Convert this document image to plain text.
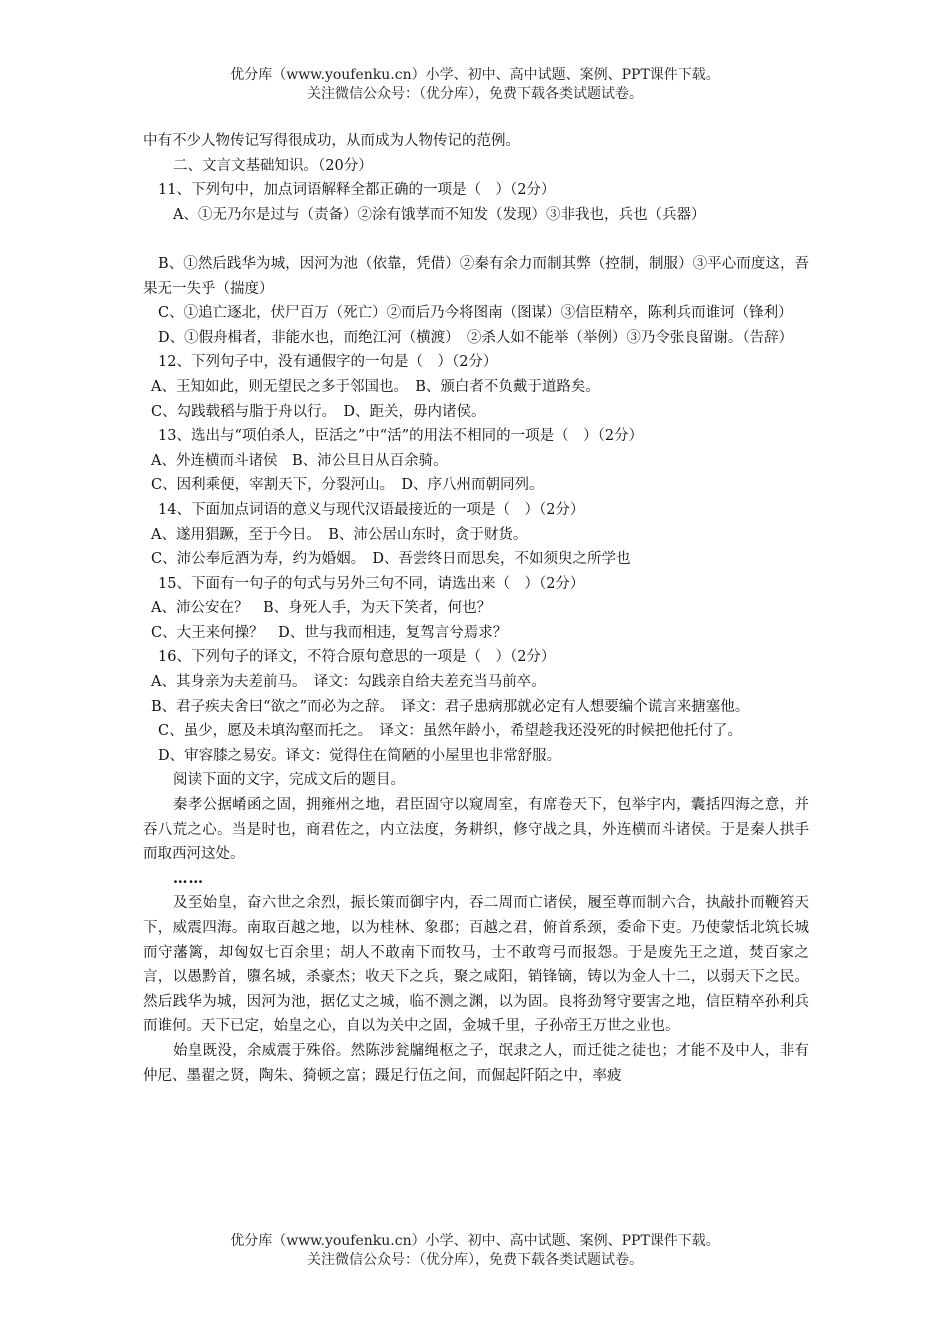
优分库（www.youfenku.cn）小学、初中、高中试题、案例、PPT课件下载。
关注微信公众号：（优分库），免费下载各类试题试卷。

中有不少人物传记写得很成功，从而成为人物传记的范例。

二、文言文基础知识。（20分）

11、下列句中，加点词语解释全都正确的一项是（　）（2分）

A、①无乃尔是过与（责备）②涂有饿莩而不知发（发现）③非我也，兵也（兵器）

B、①然后践华为城，因河为池（依靠，凭借）②秦有余力而制其弊（控制，制服）③平心而度这，吾果无一失乎（揣度）

C、①追亡逐北，伏尸百万（死亡）②而后乃今将图南（图谋）③信臣精卒，陈利兵而谁诃（锋利）

D、①假舟楫者，非能水也，而绝江河（横渡）　②杀人如不能举（举例）③乃令张良留谢。（告辞）

12、下列句子中，没有通假字的一句是（　）（2分）

A、王知如此，则无望民之多于邻国也。　B、颁白者不负戴于道路矣。

C、勾践载稻与脂于舟以行。　D、距关，毋内诸侯。

13、选出与“项伯杀人，臣活之”中“活”的用法不相同的一项是（　）（2分）

A、外连横而斗诸侯　B、沛公旦日从百余骑。

C、因利乘便，宰割天下，分裂河山。　D、序八州而朝同列。

14、下面加点词语的意义与现代汉语最接近的一项是（　）（2分）

A、遂用猖蹶，至于今日。　B、沛公居山东时，贪于财货。

C、沛公奉卮酒为寿，约为婚姻。　D、吾尝终日而思矣，不如须臾之所学也

15、下面有一句子的句式与另外三句不同，请选出来（　）（2分）

A、沛公安在？　B、身死人手，为天下笑者，何也？

C、大王来何操？　D、世与我而相违，复驾言兮焉求？

16、下列句子的译文，不符合原句意思的一项是（　）（2分）

A、其身亲为夫差前马。　译文：勾践亲自给夫差充当马前卒。

B、君子疾夫舍曰“欲之”而必为之辞。　译文：君子患病那就必定有人想要编个谎言来搪塞他。

C、虽少，愿及未填沟壑而托之。　译文：虽然年龄小，希望趁我还没死的时候把他托付了。

D、审容膝之易安。译文：觉得住在简陋的小屋里也非常舒服。

阅读下面的文字，完成文后的题目。

秦孝公据崤函之固，拥雍州之地，君臣固守以窥周室，有席卷天下，包举宇内，囊括四海之意，并吞八荒之心。当是时也，商君佐之，内立法度，务耕织，修守战之具，外连横而斗诸侯。于是秦人拱手而取西河这处。

……

及至始皇，奋六世之余烈，振长策而御宇内，吞二周而亡诸侯，履至尊而制六合，执敲扑而鞭笞天下，威震四海。南取百越之地，以为桂林、象郡；百越之君，俯首系颈，委命下吏。乃使蒙恬北筑长城而守藩篱，却匈奴七百余里；胡人不敢南下而牧马，士不敢弯弓而报怨。于是废先王之道，焚百家之言，以愚黔首，隳名城，杀豪杰；收天下之兵，聚之咸阳，销锋镝，铸以为金人十二，以弱天下之民。然后践华为城，因河为池，据亿丈之城，临不测之渊，以为固。良将劲弩守要害之地，信臣精卒孙利兵而谁何。天下已定，始皇之心，自以为关中之固，金城千里，子孙帝王万世之业也。

始皇既没，余威震于殊俗。然陈涉瓮牖绳枢之子，氓隶之人，而迁徙之徒也；才能不及中人，非有仲尼、墨翟之贤，陶朱、猗顿之富；蹑足行伍之间，而倔起阡陌之中，率疲

优分库（www.youfenku.cn）小学、初中、高中试题、案例、PPT课件下载。
关注微信公众号：（优分库），免费下载各类试题试卷。
